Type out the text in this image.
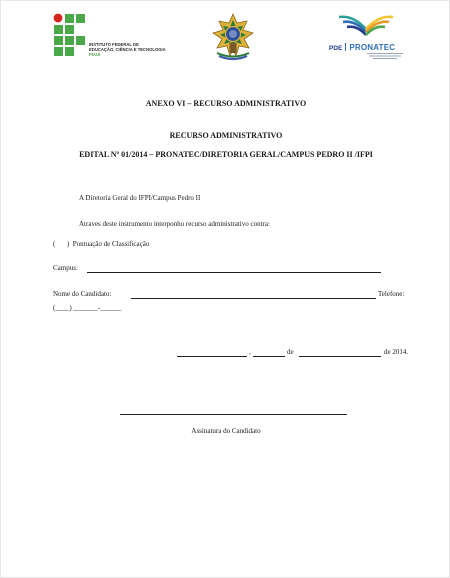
INSTITUTO FEDERAL DE
EDUCAÇÃO, CIÊNCIA E TECNOLOGIA
PIAUÍ
PDE PRONATEC
ANEXO VI – RECURSO ADMINISTRATIVO
RECURSO ADMINISTRATIVO
EDITAL Nº 01/2014 – PRONATEC/DIRETORIA GERAL/CAMPUS PEDRO II /IFPI
A Diretoria Geral do IFPI/Campus Pedro II
Atraves deste instrumento interponho recurso administrativo contra:
( ) Pontuação de Classificação
Campus:
Nome do Candidato:	Telefone:
(____) _______-______
,	de	de 2014.
Assinatura do Candidato
